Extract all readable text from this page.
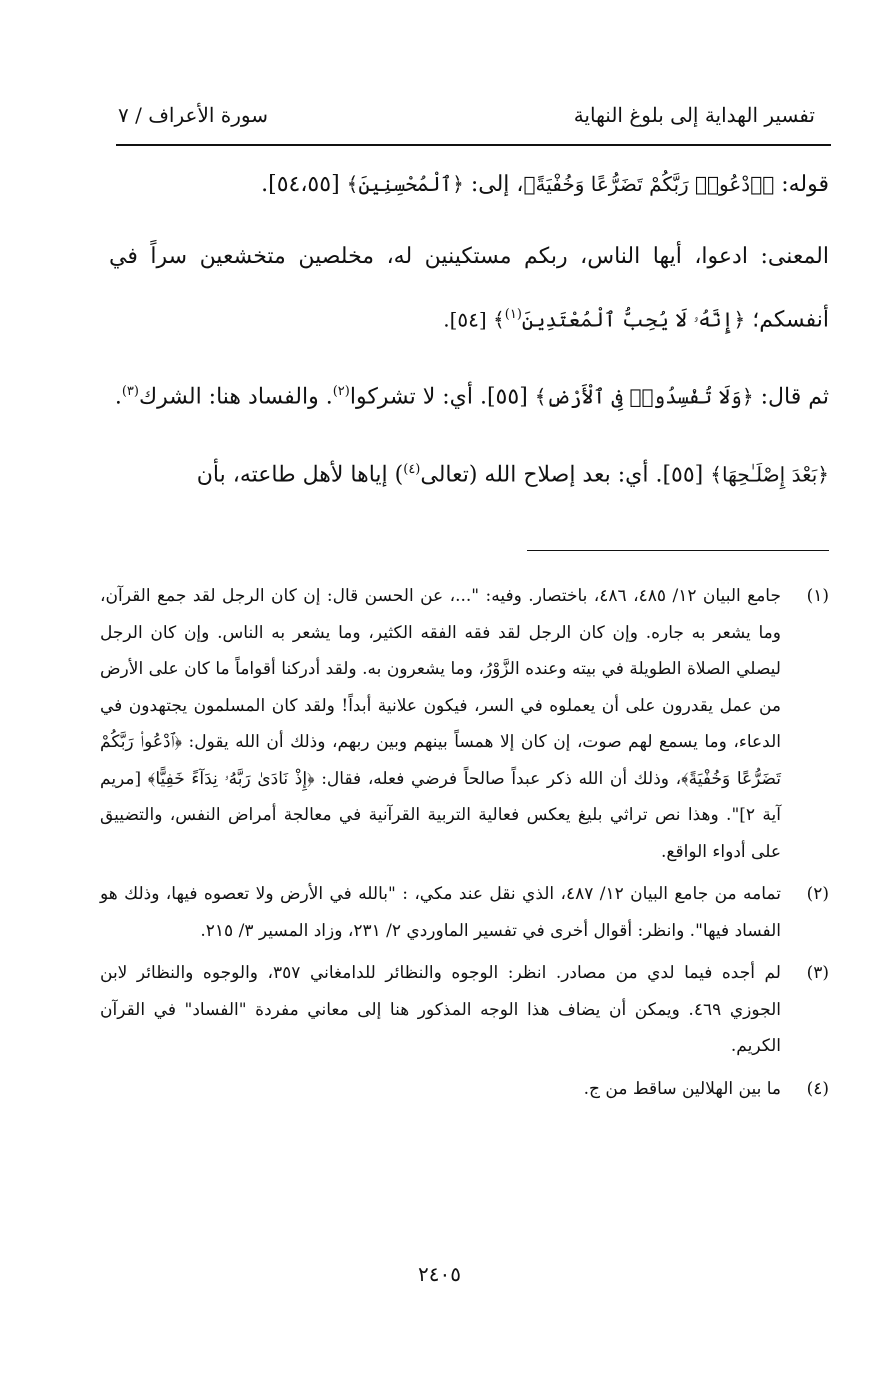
تفسير الهداية إلى بلوغ النهاية
سورة الأعراف / ٧

قوله: ﴿ٱدْعُوا۟ رَبَّكُمْ تَضَرُّعًا وَخُفْيَةً﴾، إلى: ﴿ٱلْمُحْسِنِينَ﴾ [٥٤،٥٥].

المعنى: ادعوا، أيها الناس، ربكم مستكينين له، مخلصين متخشعين سراً في أنفسكم؛ ﴿إِنَّهُۥ لَا يُحِبُّ ٱلْمُعْتَدِينَ$^{(١)}$﴾ [٥٤].

ثم قال: ﴿وَلَا تُفْسِدُوا۟ فِى ٱلْأَرْضِ﴾ [٥٥]. أي: لا تشركوا$^{(٢)}$. والفساد هنا: الشرك$^{(٣)}$.

﴿بَعْدَ إِصْلَـٰحِهَا﴾ [٥٥]. أي: بعد إصلاح الله (تعالى$^{(٤)}$) إياها لأهل طاعته، بأن

(١)
جامع البيان ١٢/ ٤٨٥، ٤٨٦، باختصار. وفيه: "...، عن الحسن قال: إن كان الرجل لقد جمع القرآن، وما يشعر به جاره. وإن كان الرجل لقد فقه الفقه الكثير، وما يشعر به الناس. وإن كان الرجل ليصلي الصلاة الطويلة في بيته وعنده الزَّوْرُ، وما يشعرون به. ولقد أدركنا أقواماً ما كان على الأرض من عمل يقدرون على أن يعملوه في السر، فيكون علانية أبداً! ولقد كان المسلمون يجتهدون في الدعاء، وما يسمع لهم صوت، إن كان إلا همساً بينهم وبين ربهم، وذلك أن الله يقول: ﴿ٱدْعُوا۟ رَبَّكُمْ تَضَرُّعًا وَخُفْيَةً﴾، وذلك أن الله ذكر عبداً صالحاً فرضي فعله، فقال: ﴿إِذْ نَادَىٰ رَبَّهُۥ نِدَآءً خَفِيًّا﴾ [مريم آية ٢]". وهذا نص تراثي بليغ يعكس فعالية التربية القرآنية في معالجة أمراض النفس، والتضييق على أدواء الواقع.
(٢)
تمامه من جامع البيان ١٢/ ٤٨٧، الذي نقل عند مكي، : "بالله في الأرض ولا تعصوه فيها، وذلك هو الفساد فيها". وانظر: أقوال أخرى في تفسير الماوردي ٢/ ٢٣١، وزاد المسير ٣/ ٢١٥.
(٣)
لم أجده فيما لدي من مصادر. انظر: الوجوه والنظائر للدامغاني ٣٥٧، والوجوه والنظائر لابن الجوزي ٤٦٩. ويمكن أن يضاف هذا الوجه المذكور هنا إلى معاني مفردة "الفساد" في القرآن الكريم.
(٤)
ما بين الهلالين ساقط من ج.
٢٤٠٥
